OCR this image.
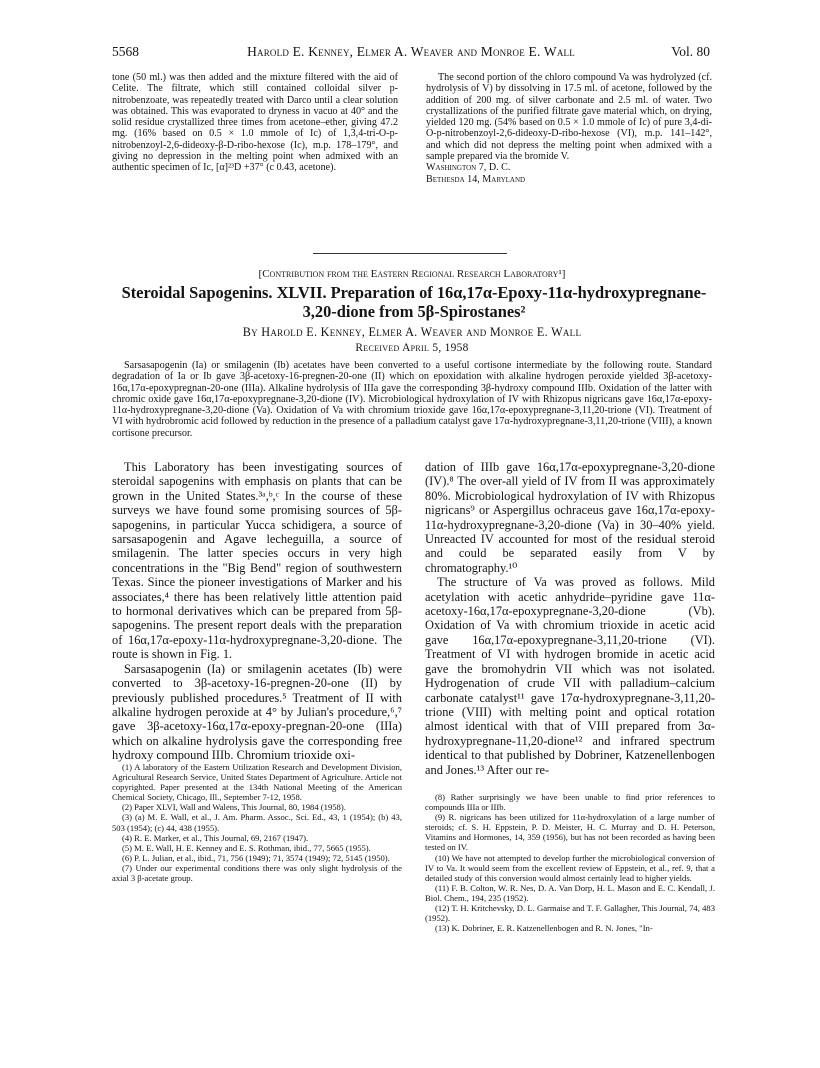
5568	Harold E. Kenney, Elmer A. Weaver and Monroe E. Wall	Vol. 80

tone (50 ml.) was then added and the mixture filtered with the aid of Celite. The filtrate, which still contained colloidal silver p-nitrobenzoate, was repeatedly treated with Darco until a clear solution was obtained. This was evaporated to dryness in vacuo at 40° and the solid residue crystallized three times from acetone–ether, giving 47.2 mg. (16% based on 0.5 × 1.0 mmole of Ic) of 1,3,4-tri-O-p-nitrobenzoyl-2,6-dideoxy-β-D-ribo-hexose (Ic), m.p. 178–179°, and giving no depression in the melting point when admixed with an authentic specimen of Ic, [α]²³D +37° (c 0.43, acetone).

The second portion of the chloro compound Va was hydrolyzed (cf. hydrolysis of V) by dissolving in 17.5 ml. of acetone, followed by the addition of 200 mg. of silver carbonate and 2.5 ml. of water. Two crystallizations of the purified filtrate gave material which, on drying, yielded 120 mg. (54% based on 0.5 × 1.0 mmole of Ic) of pure 3,4-di-O-p-nitrobenzoyl-2,6-dideoxy-D-ribo-hexose (VI), m.p. 141–142°, and which did not depress the melting point when admixed with a sample prepared via the bromide V.

Washington 7, D. C.

Bethesda 14, Maryland

[Contribution from the Eastern Regional Research Laboratory¹]
Steroidal Sapogenins. XLVII. Preparation of 16α,17α-Epoxy-11α-hydroxypregnane-
3,20-dione from 5β-Spirostanes²
By Harold E. Kenney, Elmer A. Weaver and Monroe E. Wall
Received April 5, 1958

Sarsasapogenin (Ia) or smilagenin (Ib) acetates have been converted to a useful cortisone intermediate by the following route. Standard degradation of Ia or Ib gave 3β-acetoxy-16-pregnen-20-one (II) which on epoxidation with alkaline hydrogen peroxide yielded 3β-acetoxy-16α,17α-epoxypregnan-20-one (IIIa). Alkaline hydrolysis of IIIa gave the corresponding 3β-hydroxy compound IIIb. Oxidation of the latter with chromic oxide gave 16α,17α-epoxypregnane-3,20-dione (IV). Microbiological hydroxylation of IV with Rhizopus nigricans gave 16α,17α-epoxy-11α-hydroxypregnane-3,20-dione (Va). Oxidation of Va with chromium trioxide gave 16α,17α-epoxypregnane-3,11,20-trione (VI). Treatment of VI with hydrobromic acid followed by reduction in the presence of a palladium catalyst gave 17α-hydroxypregnane-3,11,20-trione (VIII), a known cortisone precursor.

This Laboratory has been investigating sources of steroidal sapogenins with emphasis on plants that can be grown in the United States.³ᵃ,ᵇ,ᶜ In the course of these surveys we have found some promising sources of 5β-sapogenins, in particular Yucca schidigera, a source of sarsasapogenin and Agave lecheguilla, a source of smilagenin. The latter species occurs in very high concentrations in the "Big Bend" region of southwestern Texas. Since the pioneer investigations of Marker and his associates,⁴ there has been relatively little attention paid to hormonal derivatives which can be prepared from 5β-sapogenins. The present report deals with the preparation of 16α,17α-epoxy-11α-hydroxypregnane-3,20-dione. The route is shown in Fig. 1.

Sarsasapogenin (Ia) or smilagenin acetates (Ib) were converted to 3β-acetoxy-16-pregnen-20-one (II) by previously published procedures.⁵ Treatment of II with alkaline hydrogen peroxide at 4° by Julian's procedure,⁶,⁷ gave 3β-acetoxy-16α,17α-epoxy-pregnan-20-one (IIIa) which on alkaline hydrolysis gave the corresponding free hydroxy compound IIIb. Chromium trioxide oxi-

dation of IIIb gave 16α,17α-epoxypregnane-3,20-dione (IV).⁸ The over-all yield of IV from II was approximately 80%. Microbiological hydroxylation of IV with Rhizopus nigricans⁹ or Aspergillus ochraceus gave 16α,17α-epoxy-11α-hydroxypregnane-3,20-dione (Va) in 30–40% yield. Unreacted IV accounted for most of the residual steroid and could be separated easily from V by chromatography.¹⁰

The structure of Va was proved as follows. Mild acetylation with acetic anhydride–pyridine gave 11α-acetoxy-16α,17α-epoxypregnane-3,20-dione (Vb). Oxidation of Va with chromium trioxide in acetic acid gave 16α,17α-epoxypregnane-3,11,20-trione (VI). Treatment of VI with hydrogen bromide in acetic acid gave the bromohydrin VII which was not isolated. Hydrogenation of crude VII with palladium–calcium carbonate catalyst¹¹ gave 17α-hydroxypregnane-3,11,20-trione (VIII) with melting point and optical rotation almost identical with that of VIII prepared from 3α-hydroxypregnane-11,20-dione¹² and infrared spectrum identical to that published by Dobriner, Katzenellenbogen and Jones.¹³ After our re-

(1) A laboratory of the Eastern Utilization Research and Development Division, Agricultural Research Service, United States Department of Agriculture. Article not copyrighted. Paper presented at the 134th National Meeting of the American Chemical Society, Chicago, Ill., September 7-12, 1958.

(2) Paper XLVI, Wall and Walens, This Journal, 80, 1984 (1958).

(3) (a) M. E. Wall, et al., J. Am. Pharm. Assoc., Sci. Ed., 43, 1 (1954); (b) 43, 503 (1954); (c) 44, 438 (1955).

(4) R. E. Marker, et al., This Journal, 69, 2167 (1947).

(5) M. E. Wall, H. E. Kenney and E. S. Rothman, ibid., 77, 5665 (1955).

(6) P. L. Julian, et al., ibid., 71, 756 (1949); 71, 3574 (1949); 72, 5145 (1950).

(7) Under our experimental conditions there was only slight hydrolysis of the axial 3 β-acetate group.

(8) Rather surprisingly we have been unable to find prior references to compounds IIIa or IIIb.

(9) R. nigricans has been utilized for 11α-hydroxylation of a large number of steroids; cf. S. H. Eppstein, P. D. Meister, H. C. Murray and D. H. Peterson, Vitamins and Hormones, 14, 359 (1956), but has not been recorded as having been tested on IV.

(10) We have not attempted to develop further the microbiological conversion of IV to Va. It would seem from the excellent review of Eppstein, et al., ref. 9, that a detailed study of this conversion would almost certainly lead to higher yields.

(11) F. B. Colton, W. R. Nes, D. A. Van Dorp, H. L. Mason and E. C. Kendall, J. Biol. Chem., 194, 235 (1952).

(12) T. H. Kritchevsky, D. L. Garmaise and T. F. Gallagher, This Journal, 74, 483 (1952).

(13) K. Dobriner, E. R. Katzenellenbogen and R. N. Jones, "In-
